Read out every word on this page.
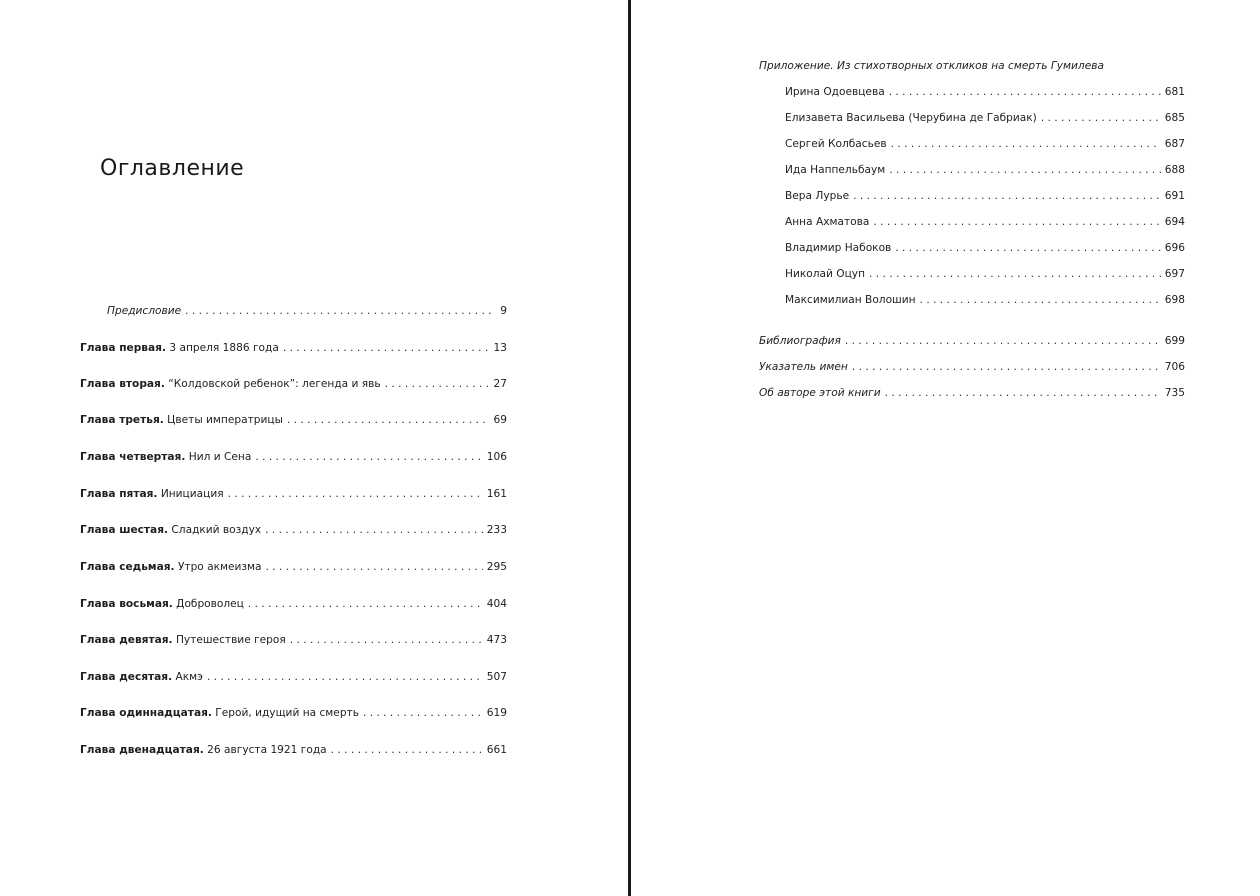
Оглавление
Предисловие . . .	9
Глава первая. 3 апреля 1886 года . . .	13
Глава вторая. “Колдовской ребенок”: легенда и явь . . .	27
Глава третья. Цветы императрицы . . .	69
Глава четвертая. Нил и Сена . . .	106
Глава пятая. Инициация . . .	161
Глава шестая. Сладкий воздух . . .	233
Глава седьмая. Утро акмеизма . . .	295
Глава восьмая. Доброволец . . .	404
Глава девятая. Путешествие героя . . .	473
Глава десятая. Акмэ . . .	507
Глава одиннадцатая. Герой, идущий на смерть . . .	619
Глава двенадцатая. 26 августа 1921 года . . .	661
Приложение. Из стихотворных откликов на смерть Гумилева
Ирина Одоевцева . . .	681
Елизавета Васильева (Черубина де Габриак) . . .	685
Сергей Колбасьев . . .	687
Ида Наппельбаум . . .	688
Вера Лурье . . .	691
Анна Ахматова . . .	694
Владимир Набоков . . .	696
Николай Оцуп . . .	697
Максимилиан Волошин . . .	698
Библиография . . .	699
Указатель имен . . .	706
Об авторе этой книги . . .	735
